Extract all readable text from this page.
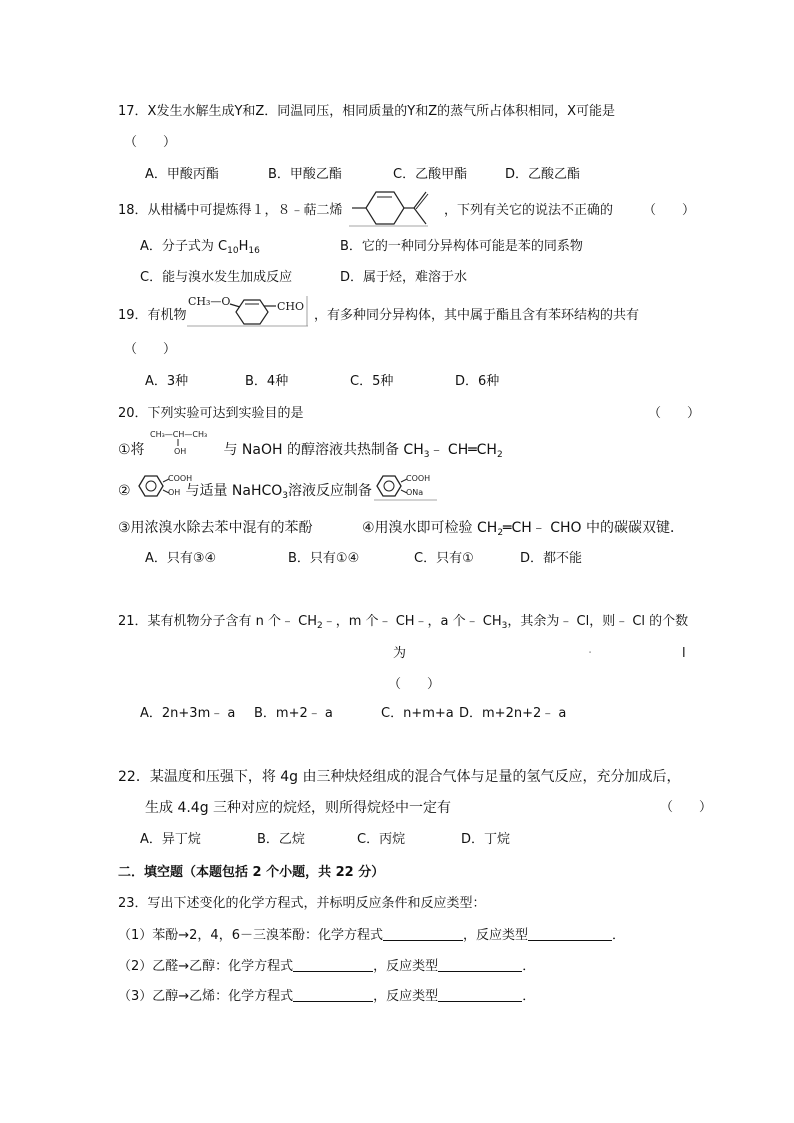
17．X发生水解生成Y和Z．同温同压，相同质量的Y和Z的蒸气所占体积相同，X可能是
（　　）
A．甲酸丙酯	B．甲酸乙酯	C．乙酸甲酯	D．乙酸乙酯
18．从柑橘中可提炼得１，８﹣萜二烯	，下列有关它的说法不正确的 （　　）
A．分子式为 $C_{10}H_{16}$	B．它的一种同分异构体可能是苯的同系物
C．能与溴水发生加成反应	D．属于烃，难溶于水
19．有机物
CH₃—O	CHO
，有多种同分异构体，其中属于酯且含有苯环结构的共有
（　　）
A．3种	B．4种	C．5种	D．6种
20．下列实验可达到实验目的是	（　　）
①将	与 NaOH 的醇溶液共热制备 $CH_3﹣$ $CH═CH_2$
CH₃—CH—CH₃
OH
②	与适量 NaHCO$_3$溶液反应制备
COOH
OH
COOH
ONa
③用浓溴水除去苯中混有的苯酚	④用溴水即可检验 $CH_2═CH﹣$ CHO 中的碳碳双键．
A．只有③④	B．只有①④	C．只有①	D．都不能
21．某有机物分子含有 n 个﹣ $CH_2﹣$，m 个﹣ CH﹣，a 个﹣ $CH_3$，其余为﹣ Cl，则﹣ Cl 的个数
为	·	l
（　　）
A．2n+3m﹣ a B．m+2﹣ a	C．n+m+a D．m+2n+2﹣ a
22．某温度和压强下，将 4g 由三种炔烃组成的混合气体与足量的氢气反应，充分加成后，
生成 4.4g 三种对应的烷烃，则所得烷烃中一定有	（　　）
A．异丁烷	B．乙烷	C．丙烷	D．丁烷
二．填空题（本题包括 2 个小题，共 22 分）
23．写出下述变化的化学方程式，并标明反应条件和反应类型：
（1）苯酚→2，4，6－三溴苯酚：化学方程式	，反应类型	．
（2）乙醛→乙醇：化学方程式	，反应类型	．
（3）乙醇→乙烯：化学方程式	，反应类型	．
